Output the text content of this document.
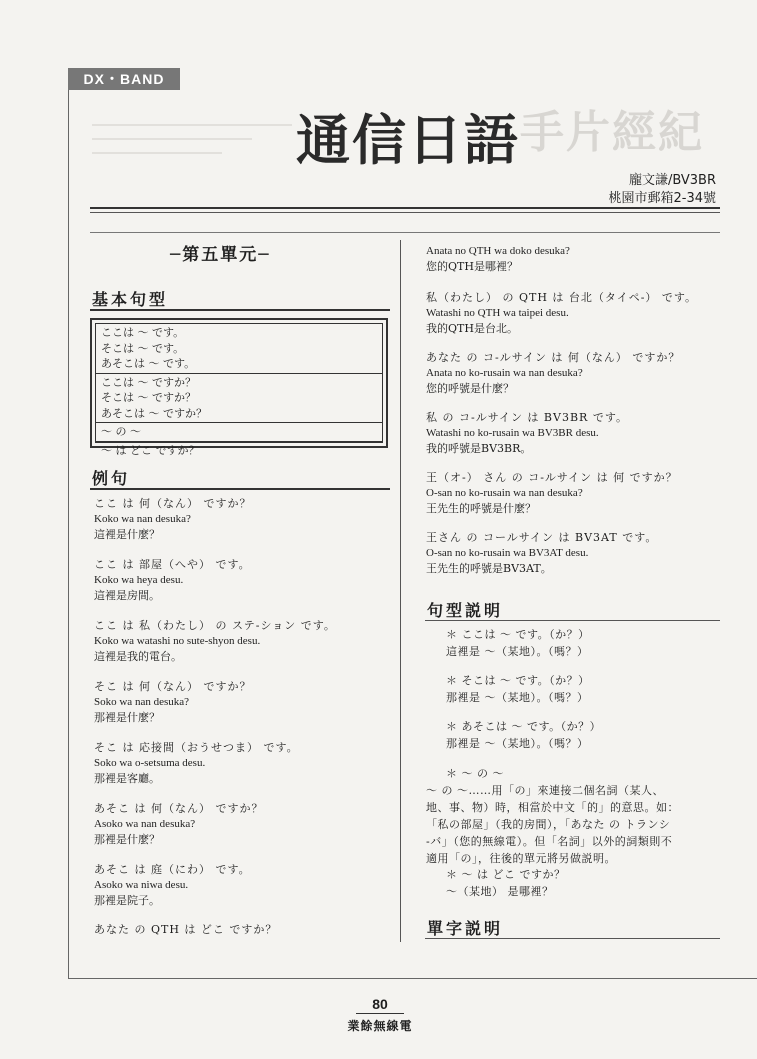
手片經紀
DX・BAND
通信日語
龐文謙/BV3BR
桃園市郵箱2-34號
─第五單元─
基本句型
ここは ～ です。
そこは ～ です。
あそこは ～ です。
ここは ～ ですか？
そこは ～ ですか？
あそこは ～ ですか？
～ の ～
～ は どこ ですか？
例句
ここ は 何（なん） ですか？
Koko wa nan desuka?
這裡是什麼？
ここ は 部屋（へや） です。
Koko wa heya desu.
這裡是房間。
ここ は 私（わたし） の ステ-ション です。
Koko wa watashi no sute-shyon desu.
這裡是我的電台。
そこ は 何（なん） ですか？
Soko wa nan desuka?
那裡是什麼？
そこ は 応接間（おうせつま） です。
Soko wa o-setsuma desu.
那裡是客廳。
あそこ は 何（なん） ですか？
Asoko wa nan desuka?
那裡是什麼？
あそこ は 庭（にわ） です。
Asoko wa niwa desu.
那裡是院子。
あなた の QTH は どこ ですか？
Anata no QTH wa doko desuka?
您的QTH是哪裡？
私（わたし） の QTH は 台北（タイペ-） です。
Watashi no QTH wa taipei desu.
我的QTH是台北。
あなた の コ-ルサイン は 何（なん） ですか？
Anata no ko-rusain wa nan desuka?
您的呼號是什麼？
私 の コ-ルサイン は BV3BR です。
Watashi no ko-rusain wa BV3BR desu.
我的呼號是BV3BR。
王（オ-） さん の コ-ルサイン は 何 ですか？
O-san no ko-rusain wa nan desuka?
王先生的呼號是什麼？
王さん の コールサイン は BV3AT です。
O-san no ko-rusain wa BV3AT desu.
王先生的呼號是BV3AT。
句型説明
＊ ここは ～ です。（か？）
這裡是 ～（某地）。（嗎？）
＊ そこは ～ です。（か？）
那裡是 ～（某地）。（嗎？）
＊ あそこは ～ です。（か？）
那裡是 ～（某地）。（嗎？）
＊ ～ の ～
～ の ～……用「の」來連接二個名詞（某人、
地、事、物）時，相當於中文「的」的意思。如：
「私の部屋」（我的房間），「あなた の トランシ
-バ」（您的無線電）。但「名詞」以外的詞類則不
適用「の」，往後的單元將另做説明。
＊ ～ は どこ ですか？
～（某地） 是哪裡？
單字説明
80
業餘無線電
